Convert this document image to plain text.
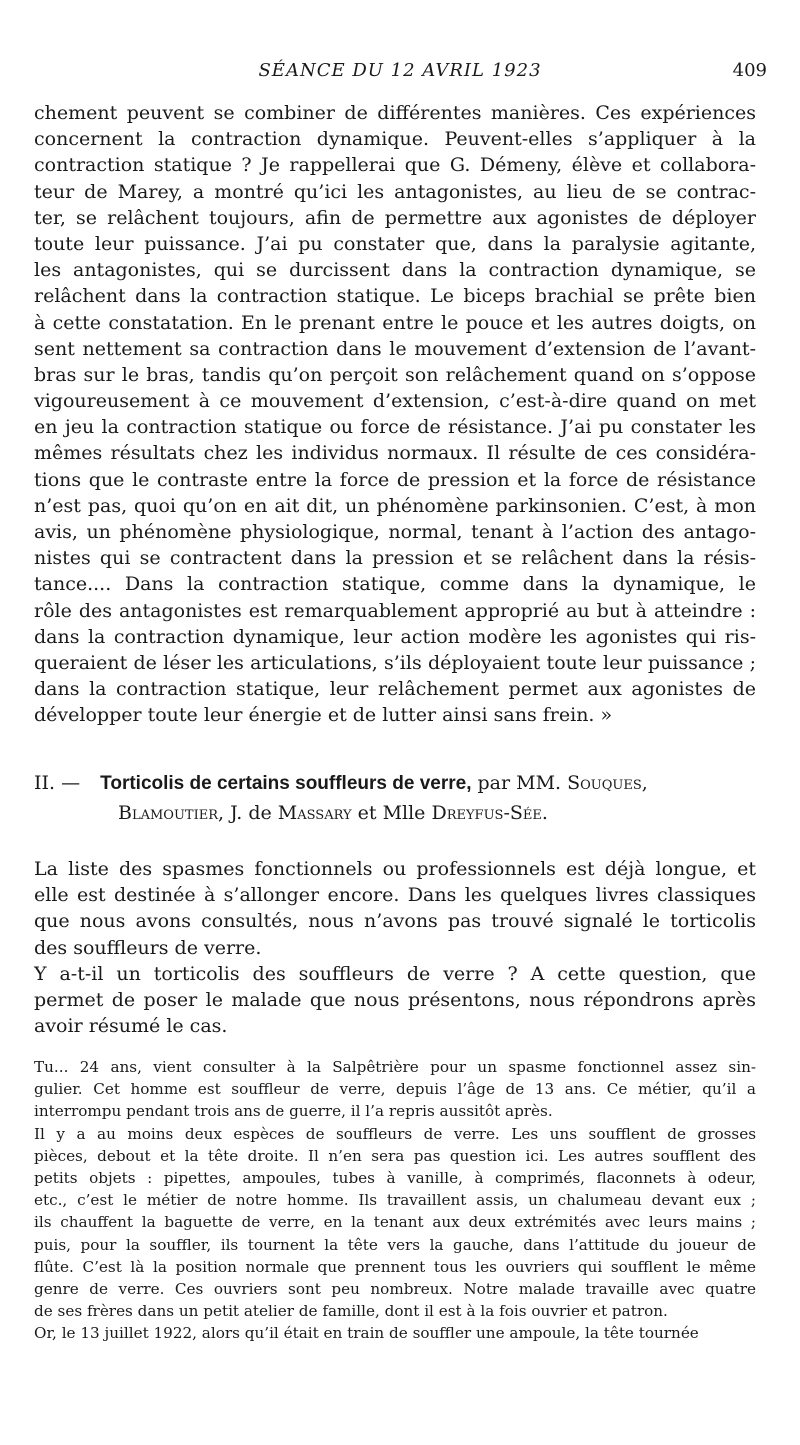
SÉANCE DU 12 AVRIL 1923	409
chement peuvent se combiner de différentes manières. Ces expériences
concernent la contraction dynamique. Peuvent-elles s’appliquer à la
contraction statique ? Je rappellerai que G. Démeny, élève et collabora-
teur de Marey, a montré qu’ici les antagonistes, au lieu de se contrac-
ter, se relâchent toujours, afin de permettre aux agonistes de déployer
toute leur puissance. J’ai pu constater que, dans la paralysie agitante,
les antagonistes, qui se durcissent dans la contraction dynamique, se
relâchent dans la contraction statique. Le biceps brachial se prête bien
à cette constatation. En le prenant entre le pouce et les autres doigts, on
sent nettement sa contraction dans le mouvement d’extension de l’avant-
bras sur le bras, tandis qu’on perçoit son relâchement quand on s’oppose
vigoureusement à ce mouvement d’extension, c’est-à-dire quand on met
en jeu la contraction statique ou force de résistance. J’ai pu constater les
mêmes résultats chez les individus normaux. Il résulte de ces considéra-
tions que le contraste entre la force de pression et la force de résistance
n’est pas, quoi qu’on en ait dit, un phénomène parkinsonien. C’est, à mon
avis, un phénomène physiologique, normal, tenant à l’action des antago-
nistes qui se contractent dans la pression et se relâchent dans la résis-
tance.... Dans la contraction statique, comme dans la dynamique, le
rôle des antagonistes est remarquablement approprié au but à atteindre :
dans la contraction dynamique, leur action modère les agonistes qui ris-
queraient de léser les articulations, s’ils déployaient toute leur puissance ;
dans la contraction statique, leur relâchement permet aux agonistes de
développer toute leur énergie et de lutter ainsi sans frein. »
II. — Torticolis de certains souffleurs de verre, par MM. Souques,
Blamoutier, J. de Massary et Mlle Dreyfus-Sée.
La liste des spasmes fonctionnels ou professionnels est déjà longue, et
elle est destinée à s’allonger encore. Dans les quelques livres classiques
que nous avons consultés, nous n’avons pas trouvé signalé le torticolis
des souffleurs de verre.
Y a-t-il un torticolis des souffleurs de verre ? A cette question, que
permet de poser le malade que nous présentons, nous répondrons après
avoir résumé le cas.
Tu... 24 ans, vient consulter à la Salpêtrière pour un spasme fonctionnel assez sin-
gulier. Cet homme est souffleur de verre, depuis l’âge de 13 ans. Ce métier, qu’il a
interrompu pendant trois ans de guerre, il l’a repris aussitôt après.
Il y a au moins deux espèces de souffleurs de verre. Les uns soufflent de grosses
pièces, debout et la tête droite. Il n’en sera pas question ici. Les autres soufflent des
petits objets : pipettes, ampoules, tubes à vanille, à comprimés, flaconnets à odeur,
etc., c’est le métier de notre homme. Ils travaillent assis, un chalumeau devant eux ;
ils chauffent la baguette de verre, en la tenant aux deux extrémités avec leurs mains ;
puis, pour la souffler, ils tournent la tête vers la gauche, dans l’attitude du joueur de
flûte. C’est là la position normale que prennent tous les ouvriers qui soufflent le même
genre de verre. Ces ouvriers sont peu nombreux. Notre malade travaille avec quatre
de ses frères dans un petit atelier de famille, dont il est à la fois ouvrier et patron.
Or, le 13 juillet 1922, alors qu’il était en train de souffler une ampoule, la tête tournée
